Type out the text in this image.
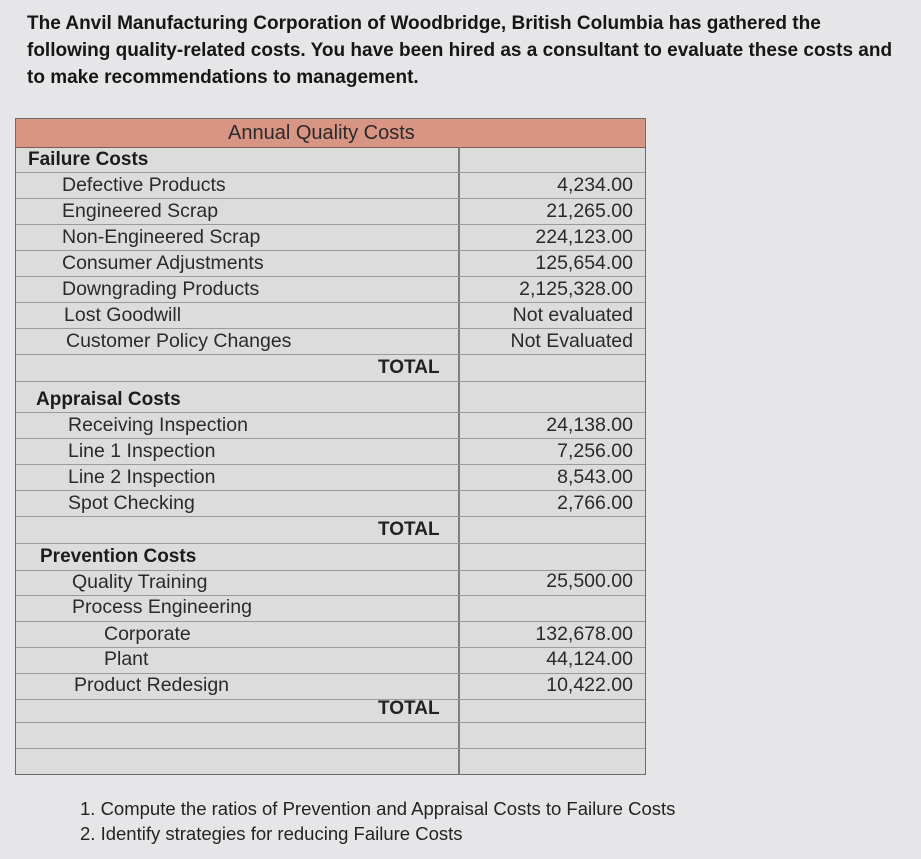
The Anvil Manufacturing Corporation of Woodbridge, British Columbia has gathered the following quality-related costs. You have been hired as a consultant to evaluate these costs and to make recommendations to management.
Annual Quality Costs
Failure Costs
Defective Products	4,234.00
Engineered Scrap	21,265.00
Non-Engineered Scrap	224,123.00
Consumer Adjustments	125,654.00
Downgrading Products	2,125,328.00
Lost Goodwill	Not evaluated
Customer Policy Changes	Not Evaluated
TOTAL
Appraisal Costs
Receiving Inspection	24,138.00
Line 1 Inspection	7,256.00
Line 2 Inspection	8,543.00
Spot Checking	2,766.00
TOTAL
Prevention Costs
Quality Training	25,500.00
Process Engineering
Corporate	132,678.00
Plant	44,124.00
Product Redesign	10,422.00
TOTAL
1. Compute the ratios of Prevention and Appraisal Costs to Failure Costs
2. Identify strategies for reducing Failure Costs
